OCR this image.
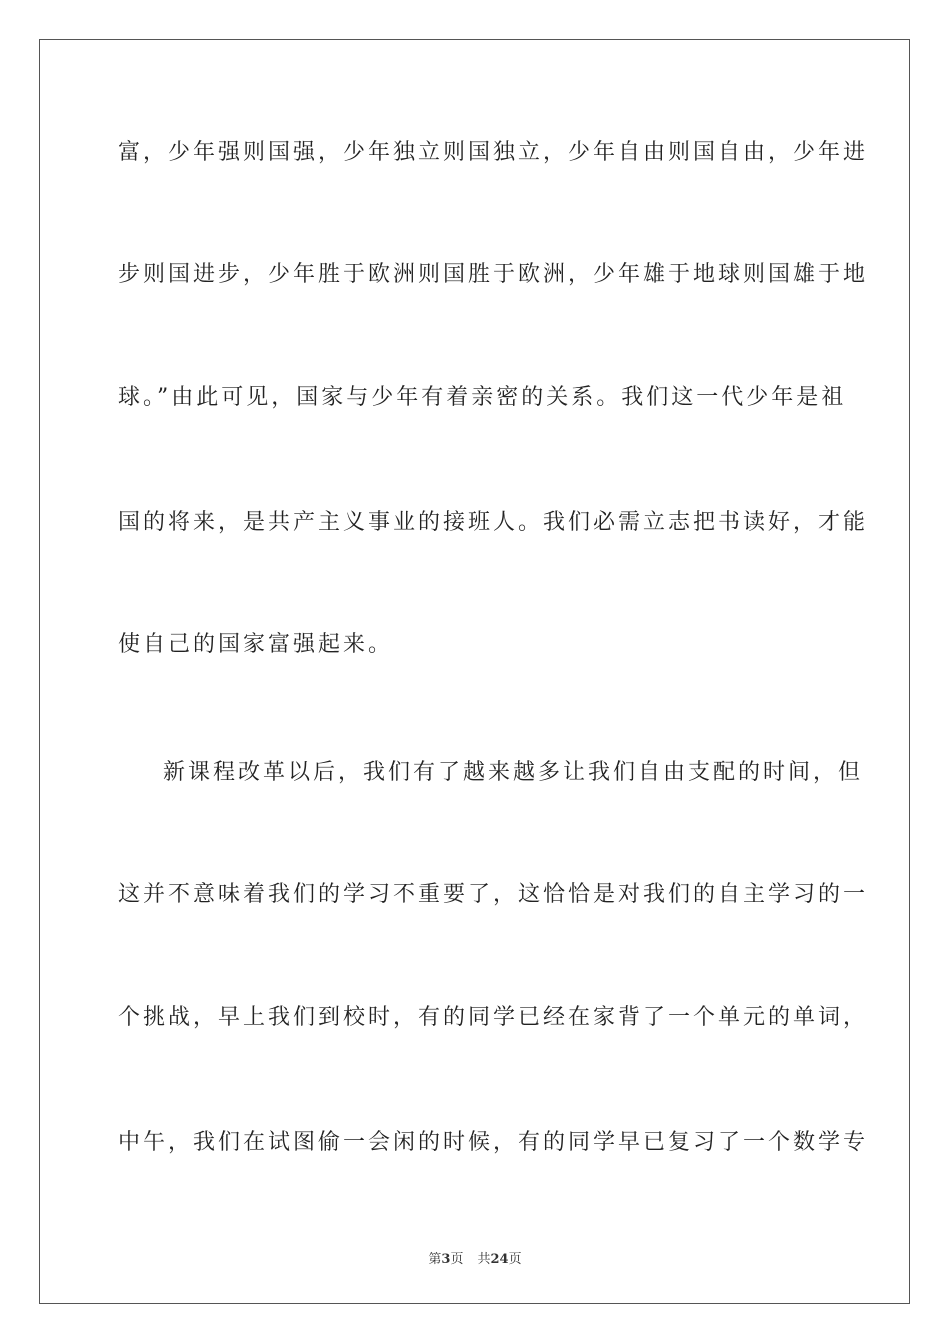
富，少年强则国强，少年独立则国独立，少年自由则国自由，少年进
步则国进步，少年胜于欧洲则国胜于欧洲，少年雄于地球则国雄于地
球。”由此可见，国家与少年有着亲密的关系。我们这一代少年是祖
国的将来，是共产主义事业的接班人。我们必需立志把书读好，才能
使自己的国家富强起来。
新课程改革以后，我们有了越来越多让我们自由支配的时间，但
这并不意味着我们的学习不重要了，这恰恰是对我们的自主学习的一
个挑战，早上我们到校时，有的同学已经在家背了一个单元的单词，
中午，我们在试图偷一会闲的时候，有的同学早已复习了一个数学专
第3页 共24页
